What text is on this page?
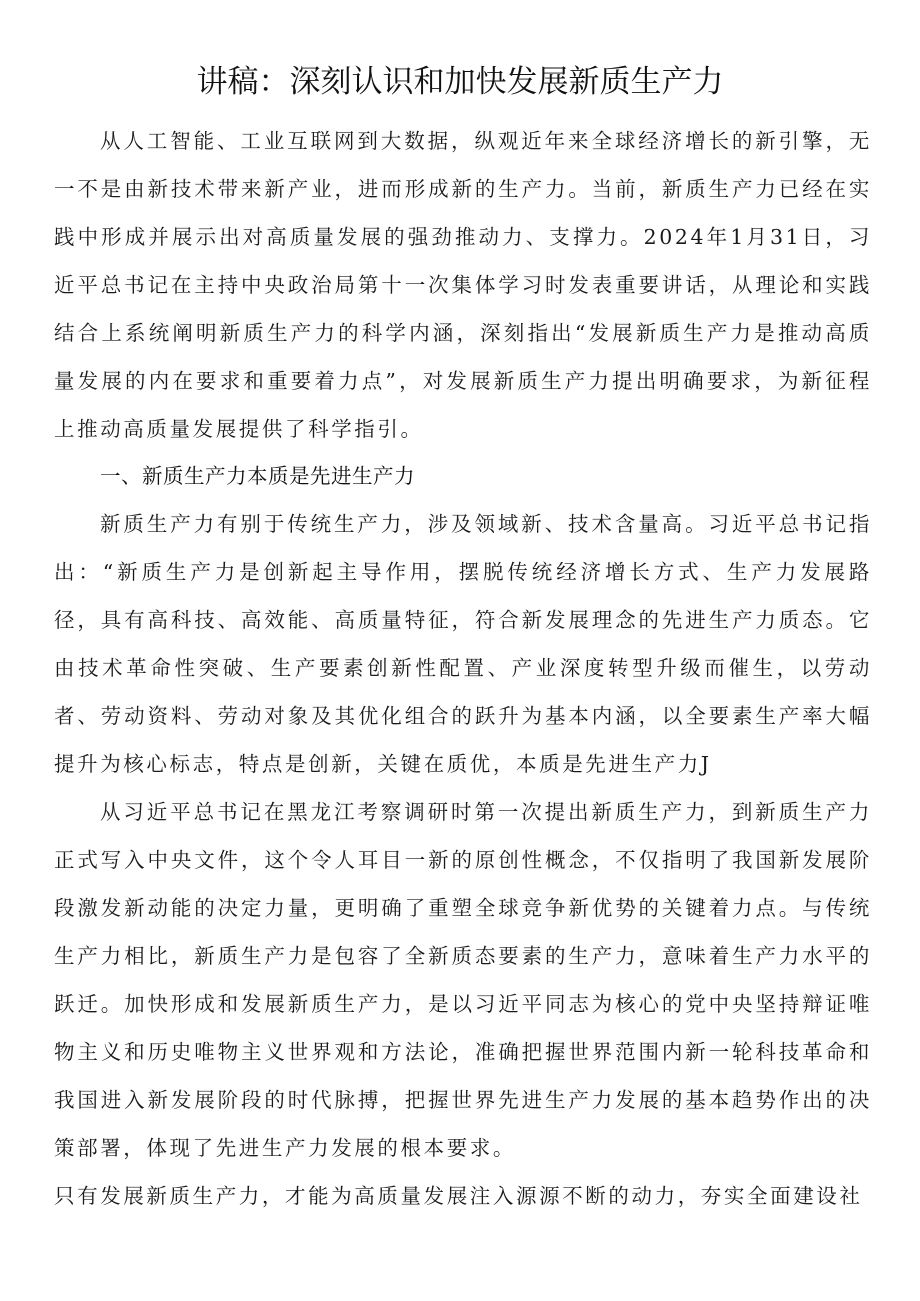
讲稿：深刻认识和加快发展新质生产力

从人工智能、工业互联网到大数据，纵观近年来全球经济增长的新引擎，无一不是由新技术带来新产业，进而形成新的生产力。当前，新质生产力已经在实践中形成并展示出对高质量发展的强劲推动力、支撑力。2024年1月31日，习近平总书记在主持中央政治局第十一次集体学习时发表重要讲话，从理论和实践结合上系统阐明新质生产力的科学内涵，深刻指出“发展新质生产力是推动高质量发展的内在要求和重要着力点”，对发展新质生产力提出明确要求，为新征程上推动高质量发展提供了科学指引。

一、新质生产力本质是先进生产力

新质生产力有别于传统生产力，涉及领域新、技术含量高。习近平总书记指出：“新质生产力是创新起主导作用，摆脱传统经济增长方式、生产力发展路径，具有高科技、高效能、高质量特征，符合新发展理念的先进生产力质态。它由技术革命性突破、生产要素创新性配置、产业深度转型升级而催生，以劳动者、劳动资料、劳动对象及其优化组合的跃升为基本内涵，以全要素生产率大幅提升为核心标志，特点是创新，关键在质优，本质是先进生产力J

从习近平总书记在黑龙江考察调研时第一次提出新质生产力，到新质生产力正式写入中央文件，这个令人耳目一新的原创性概念，不仅指明了我国新发展阶段激发新动能的决定力量，更明确了重塑全球竞争新优势的关键着力点。与传统生产力相比，新质生产力是包容了全新质态要素的生产力，意味着生产力水平的跃迁。加快形成和发展新质生产力，是以习近平同志为核心的党中央坚持辩证唯物主义和历史唯物主义世界观和方法论，准确把握世界范围内新一轮科技革命和我国进入新发展阶段的时代脉搏，把握世界先进生产力发展的基本趋势作出的决策部署，体现了先进生产力发展的根本要求。

只有发展新质生产力，才能为高质量发展注入源源不断的动力，夯实全面建设社
